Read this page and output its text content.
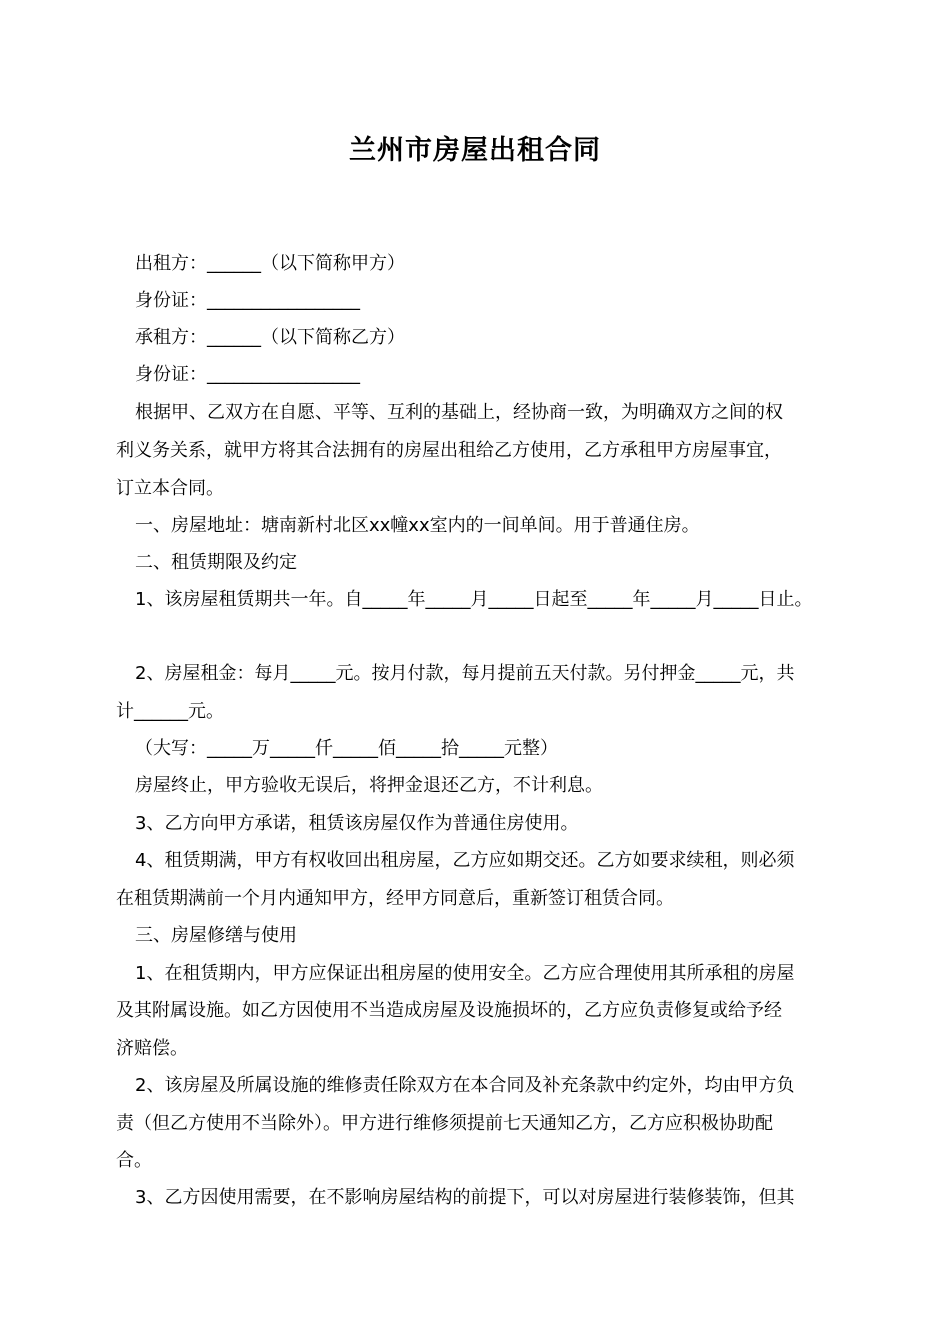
兰州市房屋出租合同
出租方：______（以下简称甲方）
身份证：_________________
承租方：______（以下简称乙方）
身份证：_________________
根据甲、乙双方在自愿、平等、互利的基础上，经协商一致，为明确双方之间的权
利义务关系，就甲方将其合法拥有的房屋出租给乙方使用，乙方承租甲方房屋事宜，
订立本合同。
一、房屋地址：塘南新村北区xx幢xx室内的一间单间。用于普通住房。
二、租赁期限及约定
1、该房屋租赁期共一年。自_____年_____月_____日起至_____年_____月_____日止。
2、房屋租金：每月_____元。按月付款，每月提前五天付款。另付押金_____元，共
计______元。
（大写：_____万_____仟_____佰_____拾_____元整）
房屋终止，甲方验收无误后，将押金退还乙方，不计利息。
3、乙方向甲方承诺，租赁该房屋仅作为普通住房使用。
4、租赁期满，甲方有权收回出租房屋，乙方应如期交还。乙方如要求续租，则必须
在租赁期满前一个月内通知甲方，经甲方同意后，重新签订租赁合同。
三、房屋修缮与使用
1、在租赁期内，甲方应保证出租房屋的使用安全。乙方应合理使用其所承租的房屋
及其附属设施。如乙方因使用不当造成房屋及设施损坏的，乙方应负责修复或给予经
济赔偿。
2、该房屋及所属设施的维修责任除双方在本合同及补充条款中约定外，均由甲方负
责（但乙方使用不当除外）。甲方进行维修须提前七天通知乙方，乙方应积极协助配
合。
3、乙方因使用需要，在不影响房屋结构的前提下，可以对房屋进行装修装饰，但其
